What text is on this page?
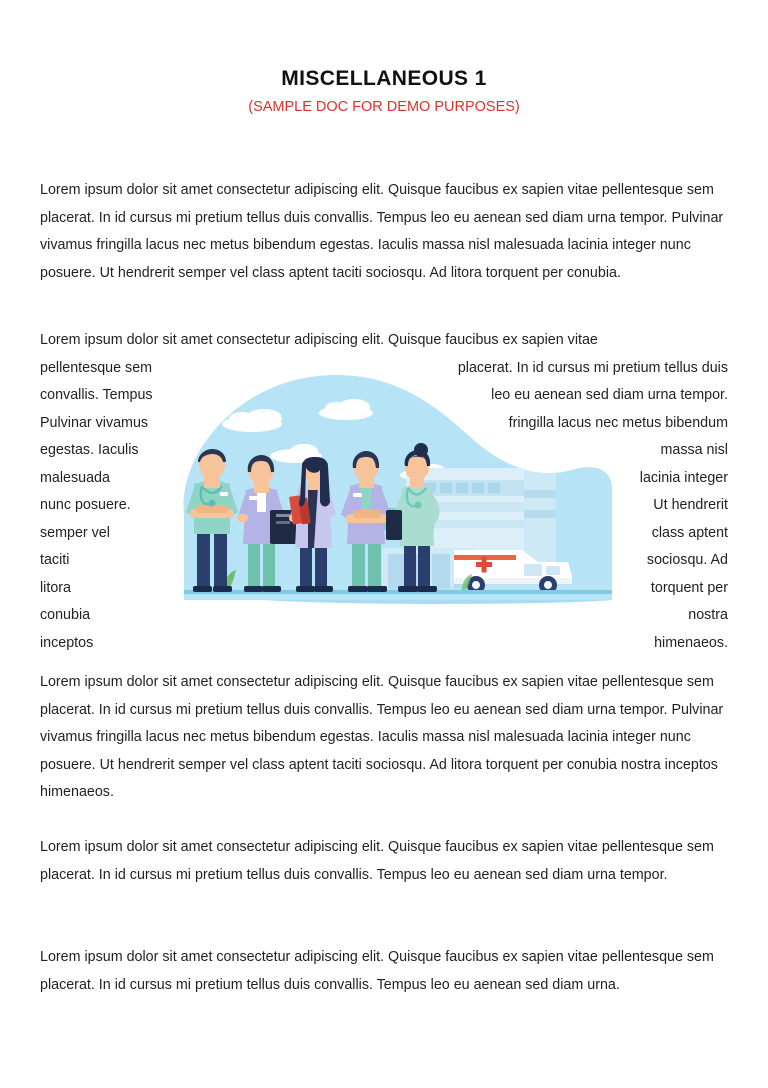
MISCELLANEOUS 1
(SAMPLE DOC FOR DEMO PURPOSES)

Lorem ipsum dolor sit amet consectetur adipiscing elit. Quisque faucibus ex sapien vitae pellentesque sem placerat. In id cursus mi pretium tellus duis convallis. Tempus leo eu aenean sed diam urna tempor. Pulvinar vivamus fringilla lacus nec metus bibendum egestas. Iaculis massa nisl malesuada lacinia integer nunc posuere. Ut hendrerit semper vel class aptent taciti sociosqu. Ad litora torquent per conubia.

Lorem ipsum dolor sit amet consectetur adipiscing elit. Quisque faucibus ex sapien vitae
pellentesque sem
convallis. Tempus
Pulvinar vivamus
egestas. Iaculis
malesuada
nunc posuere.
semper vel
taciti
litora
conubia
inceptos
placerat. In id cursus mi pretium tellus duis
leo eu aenean sed diam urna tempor.
fringilla lacus nec metus bibendum
massa nisl
lacinia integer
Ut hendrerit
class aptent
sociosqu. Ad
torquent per
nostra
himenaeos.

Lorem ipsum dolor sit amet consectetur adipiscing elit. Quisque faucibus ex sapien vitae pellentesque sem placerat. In id cursus mi pretium tellus duis convallis. Tempus leo eu aenean sed diam urna tempor. Pulvinar vivamus fringilla lacus nec metus bibendum egestas. Iaculis massa nisl malesuada lacinia integer nunc posuere. Ut hendrerit semper vel class aptent taciti sociosqu. Ad litora torquent per conubia nostra inceptos himenaeos.

Lorem ipsum dolor sit amet consectetur adipiscing elit. Quisque faucibus ex sapien vitae pellentesque sem placerat. In id cursus mi pretium tellus duis convallis. Tempus leo eu aenean sed diam urna tempor.

Lorem ipsum dolor sit amet consectetur adipiscing elit. Quisque faucibus ex sapien vitae pellentesque sem placerat. In id cursus mi pretium tellus duis convallis. Tempus leo eu aenean sed diam urna.
